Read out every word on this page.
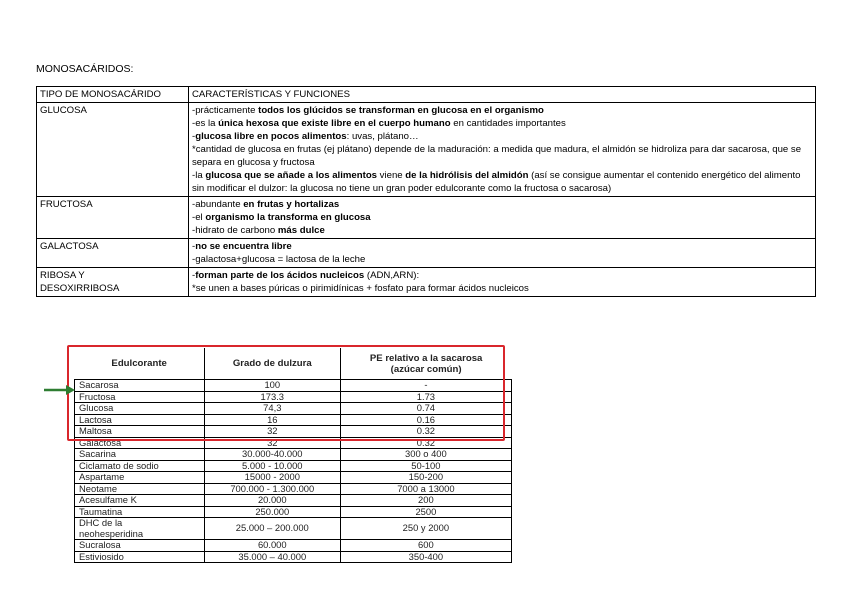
MONOSACÁRIDOS:
TIPO DE MONOSACÁRIDO	CARACTERÍSTICAS Y FUNCIONES
GLUCOSA	-prácticamente todos los glúcidos se transforman en glucosa en el organismo
-es la única hexosa que existe libre en el cuerpo humano en cantidades importantes
-glucosa libre en pocos alimentos: uvas, plátano…
*cantidad de glucosa en frutas (ej plátano) depende de la maduración: a medida que madura, el almidón se hidroliza para dar sacarosa, que se separa en glucosa y fructosa
-la glucosa que se añade a los alimentos viene de la hidrólisis del almidón (así se consigue aumentar el contenido energético del alimento sin modificar el dulzor: la glucosa no tiene un gran poder edulcorante como la fructosa o sacarosa)

FRUCTOSA	-abundante en frutas y hortalizas
-el organismo la transforma en glucosa
-hidrato de carbono más dulce

GALACTOSA	-no se encuentra libre
-galactosa+glucosa = lactosa de la leche

RIBOSA Y
DESOXIRRIBOSA	-forman parte de los ácidos nucleicos (ADN,ARN):
*se unen a bases púricas o pirimidínicas + fosfato para formar ácidos nucleicos
Edulcorante	Grado de dulzura	PE relativo a la sacarosa
(azúcar común)
Sacarosa	100	-
Fructosa	173.3	1.73
Glucosa	74,3	0.74
Lactosa	16	0.16
Maltosa	32	0.32
Galactosa	32	0.32
Sacarina	30.000-40.000	300 o 400
Ciclamato de sodio	5.000 - 10.000	50-100
Aspartame	15000 - 2000	150-200
Neotame	700.000 - 1.300.000	7000 a 13000
Acesulfame K	20.000	200
Taumatina	250.000	2500
DHC de la
neohesperidina	25.000 – 200.000	250 y 2000
Sucralosa	60.000	600
Estiviosido	35.000 – 40.000	350-400
